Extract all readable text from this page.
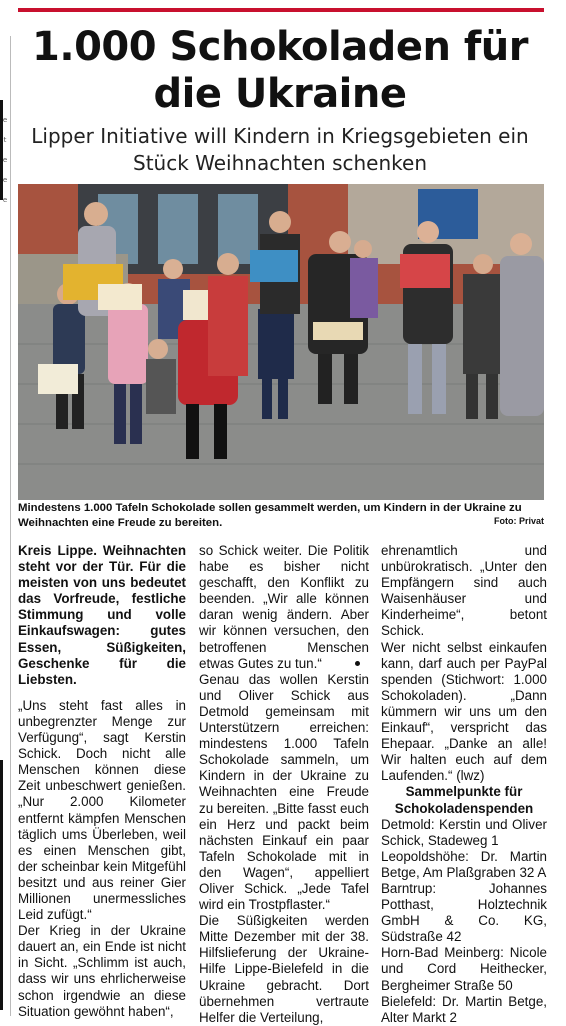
e
t
e
e
e
1.000 Schokoladen für die Ukraine

Lipper Initiative will Kindern in Kriegsgebieten ein Stück Weihnachten schenken

Mindestens 1.000 Tafeln Schokolade sollen gesammelt werden, um Kindern in der Ukraine zu Weihnachten eine Freude zu bereiten.	Foto: Privat

Kreis Lippe. Weihnachten steht vor der Tür. Für die meisten von uns bedeutet das Vorfreude, festliche Stimmung und volle Einkaufswagen: gutes Essen, Süßigkeiten, Geschenke für die Liebsten.

„Uns steht fast alles in unbegrenzter Menge zur Verfügung“, sagt Kerstin Schick. Doch nicht alle Menschen können diese Zeit unbeschwert genießen. „Nur 2.000 Kilometer entfernt kämpfen Menschen täglich ums Überleben, weil es einen Menschen gibt, der scheinbar kein Mitgefühl besitzt und aus reiner Gier Millionen unermessliches Leid zufügt.“

Der Krieg in der Ukraine dauert an, ein Ende ist nicht in Sicht. „Schlimm ist auch, dass wir uns ehrlicherweise schon irgendwie an diese Situation gewöhnt haben“,

so Schick weiter. Die Politik habe es bisher nicht geschafft, den Konflikt zu beenden. „Wir alle können daran wenig ändern. Aber wir können versuchen, den betroffenen Menschen etwas Gutes zu tun.“

Genau das wollen Kerstin und Oliver Schick aus Detmold gemeinsam mit Unterstützern erreichen: mindestens 1.000 Tafeln Schokolade sammeln, um Kindern in der Ukraine zu Weihnachten eine Freude zu bereiten. „Bitte fasst euch ein Herz und packt beim nächsten Einkauf ein paar Tafeln Schokolade mit in den Wagen“, appelliert Oliver Schick. „Jede Tafel wird ein Trostpflaster.“

Die Süßigkeiten werden Mitte Dezember mit der 38. Hilfslieferung der Ukraine-Hilfe Lippe-Bielefeld in die Ukraine gebracht. Dort übernehmen vertraute Helfer die Verteilung,

ehrenamtlich und unbürokratisch. „Unter den Empfängern sind auch Waisenhäuser und Kinderheime“, betont Schick.

Wer nicht selbst einkaufen kann, darf auch per PayPal spenden (Stichwort: 1.000 Schokoladen). „Dann kümmern wir uns um den Einkauf“, verspricht das Ehepaar. „Danke an alle! Wir halten euch auf dem Laufenden.“ (lwz)

Sammelpunkte für Schokoladenspenden

Detmold: Kerstin und Oliver Schick, Stadeweg 1

Leopoldshöhe: Dr. Martin Betge, Am Plaßgraben 32 A

Barntrup: Johannes Potthast, Holztechnik GmbH & Co. KG, Südstraße 42

Horn-Bad Meinberg: Nicole und Cord Heithecker, Bergheimer Straße 50

Bielefeld: Dr. Martin Betge, Alter Markt 2
